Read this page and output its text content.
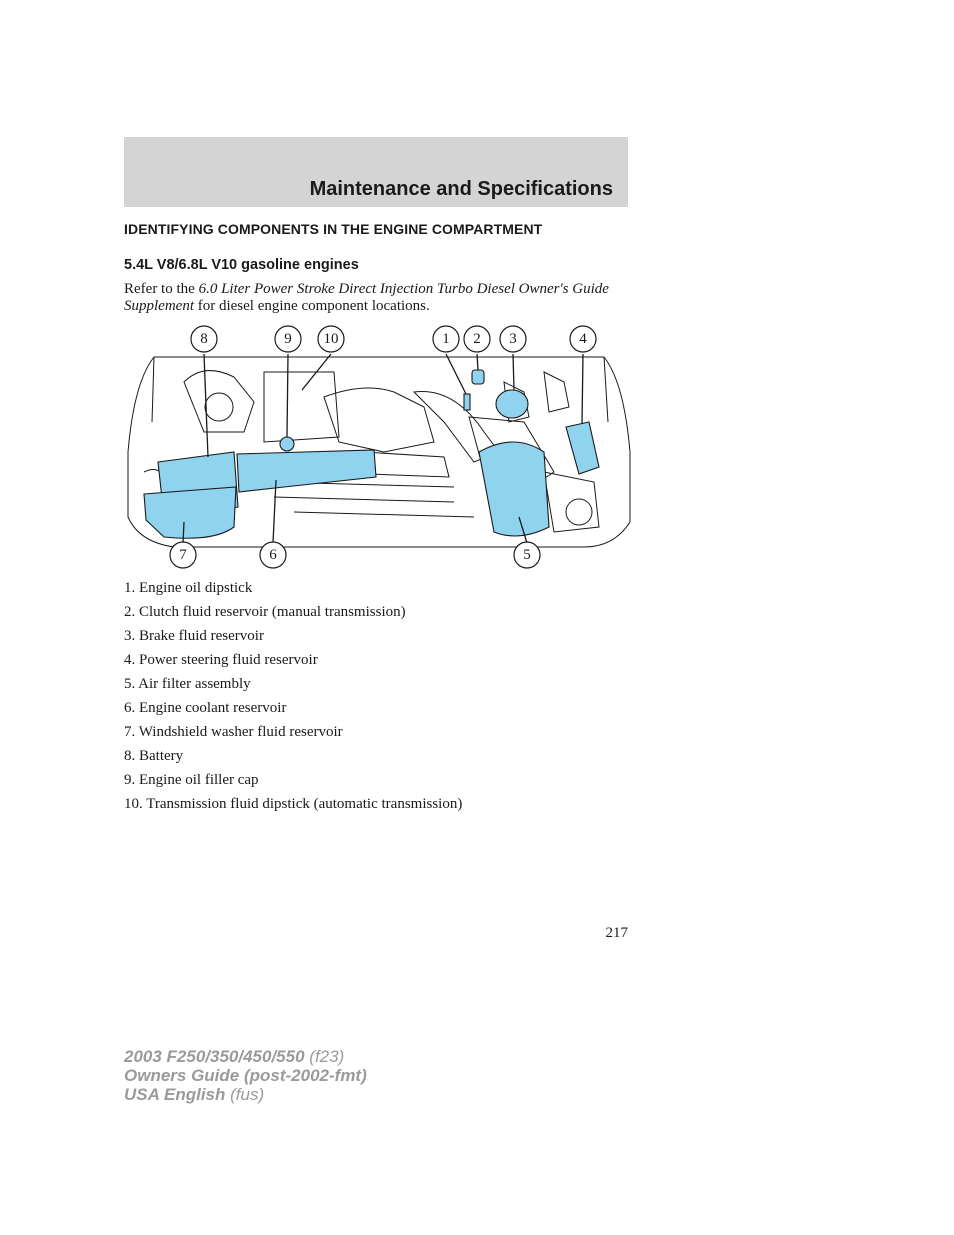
Maintenance and Specifications
IDENTIFYING COMPONENTS IN THE ENGINE COMPARTMENT
5.4L V8/6.8L V10 gasoline engines

Refer to the 6.0 Liter Power Stroke Direct Injection Turbo Diesel Owner's Guide Supplement for diesel engine component locations.

8	9 10	1 2 3	4
7	6	5
1. Engine oil dipstick
2. Clutch fluid reservoir (manual transmission)
3. Brake fluid reservoir
4. Power steering fluid reservoir
5. Air filter assembly
6. Engine coolant reservoir
7. Windshield washer fluid reservoir
8. Battery
9. Engine oil filler cap
10. Transmission fluid dipstick (automatic transmission)
217
2003 F250/350/450/550 (f23)
Owners Guide (post-2002-fmt)
USA English (fus)
